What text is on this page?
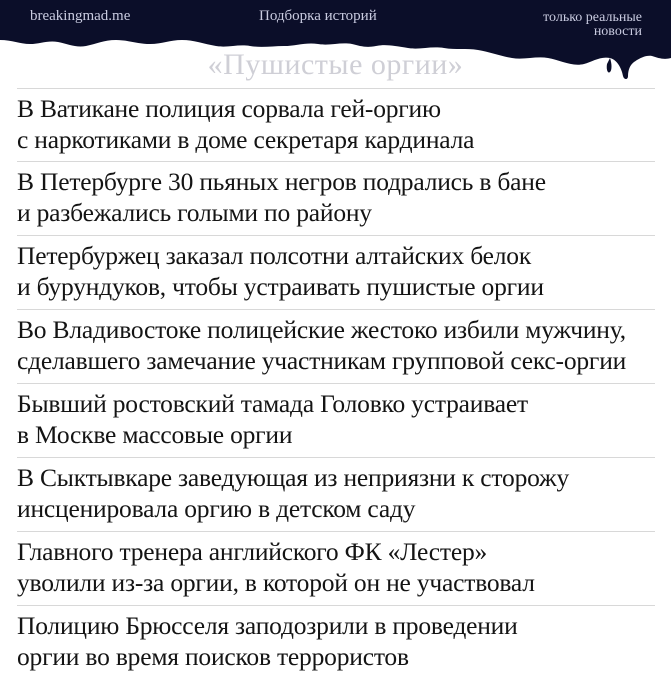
breakingmad.me	Подборка историй	только реальные новости
«Пушистые оргии»
В Ватикане полиция сорвала гей-оргию
с наркотиками в доме секретаря кардинала
В Петербурге 30 пьяных негров подрались в бане
и разбежались голыми по району
Петербуржец заказал полсотни алтайских белок
и бурундуков, чтобы устраивать пушистые оргии
Во Владивостоке полицейские жестоко избили мужчину,
сделавшего замечание участникам групповой секс-оргии
Бывший ростовский тамада Головко устраивает
в Москве массовые оргии
В Сыктывкаре заведующая из неприязни к сторожу
инсценировала оргию в детском саду
Главного тренера английского ФК «Лестер»
уволили из-за оргии, в которой он не участвовал
Полицию Брюсселя заподозрили в проведении
оргии во время поисков террористов
